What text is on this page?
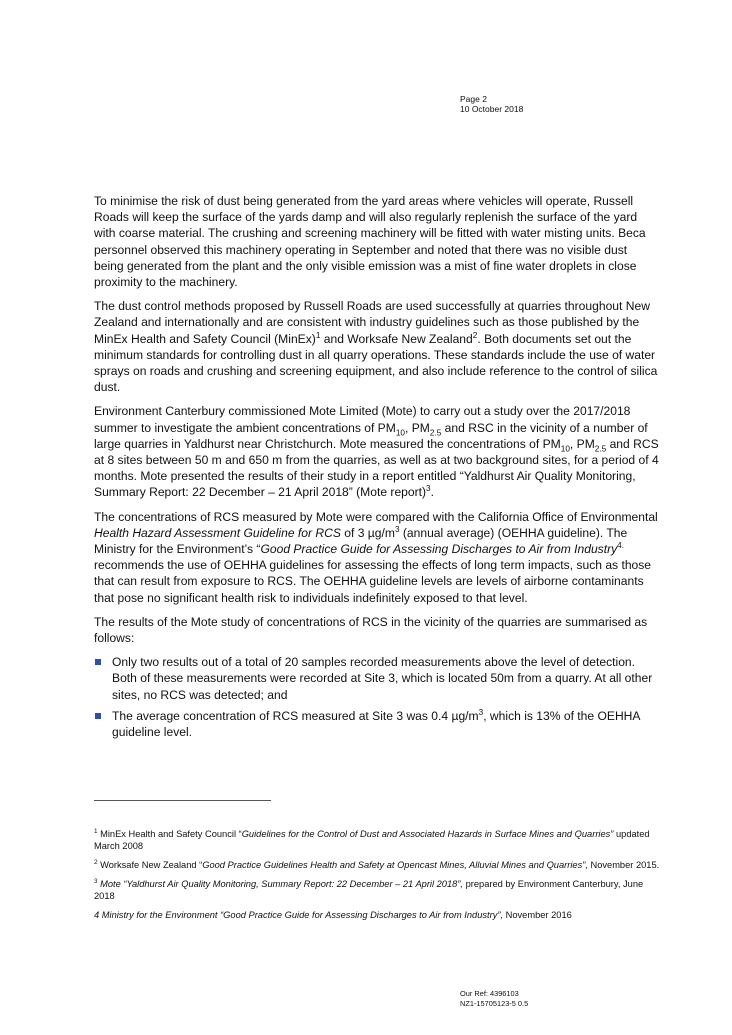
Page 2
10 October 2018

To minimise the risk of dust being generated from the yard areas where vehicles will operate, Russell Roads will keep the surface of the yards damp and will also regularly replenish the surface of the yard with coarse material. The crushing and screening machinery will be fitted with water misting units. Beca personnel observed this machinery operating in September and noted that there was no visible dust being generated from the plant and the only visible emission was a mist of fine water droplets in close proximity to the machinery.

The dust control methods proposed by Russell Roads are used successfully at quarries throughout New Zealand and internationally and are consistent with industry guidelines such as those published by the MinEx Health and Safety Council (MinEx)$^1$ and Worksafe New Zealand$^2$. Both documents set out the minimum standards for controlling dust in all quarry operations. These standards include the use of water sprays on roads and crushing and screening equipment, and also include reference to the control of silica dust.

Environment Canterbury commissioned Mote Limited (Mote) to carry out a study over the 2017/2018 summer to investigate the ambient concentrations of $PM_{10}$, $PM_{2.5}$ and RSC in the vicinity of a number of large quarries in Yaldhurst near Christchurch. Mote measured the concentrations of $PM_{10}$, $PM_{2.5}$ and RCS at 8 sites between 50 m and 650 m from the quarries, as well as at two background sites, for a period of 4 months. Mote presented the results of their study in a report entitled “Yaldhurst Air Quality Monitoring, Summary Report: 22 December – 21 April 2018” (Mote report)$^3$.

The concentrations of RCS measured by Mote were compared with the California Office of Environmental Health Hazard Assessment Guideline for RCS of 3 $\mu g/m^3$ (annual average) (OEHHA guideline). The Ministry for the Environment’s “Good Practice Guide for Assessing Discharges to Air from Industry$^{4.}$ recommends the use of OEHHA guidelines for assessing the effects of long term impacts, such as those that can result from exposure to RCS. The OEHHA guideline levels are levels of airborne contaminants that pose no significant health risk to individuals indefinitely exposed to that level.

The results of the Mote study of concentrations of RCS in the vicinity of the quarries are summarised as follows:

Only two results out of a total of 20 samples recorded measurements above the level of detection. Both of these measurements were recorded at Site 3, which is located 50m from a quarry. At all other sites, no RCS was detected; and
The average concentration of RCS measured at Site 3 was 0.4 $\mu g/m^3$, which is 13% of the OEHHA guideline level.
$^1$ MinEx Health and Safety Council “Guidelines for the Control of Dust and Associated Hazards in Surface Mines and Quarries” updated March 2008
$^2$ Worksafe New Zealand “Good Practice Guidelines Health and Safety at Opencast Mines, Alluvial Mines and Quarries”, November 2015.
$^3$ Mote “Yaldhurst Air Quality Monitoring, Summary Report: 22 December – 21 April 2018”, prepared by Environment Canterbury, June 2018
4 Ministry for the Environment “Good Practice Guide for Assessing Discharges to Air from Industry”, November 2016
Our Ref: 4396103
NZ1-15705123-5 0.5
